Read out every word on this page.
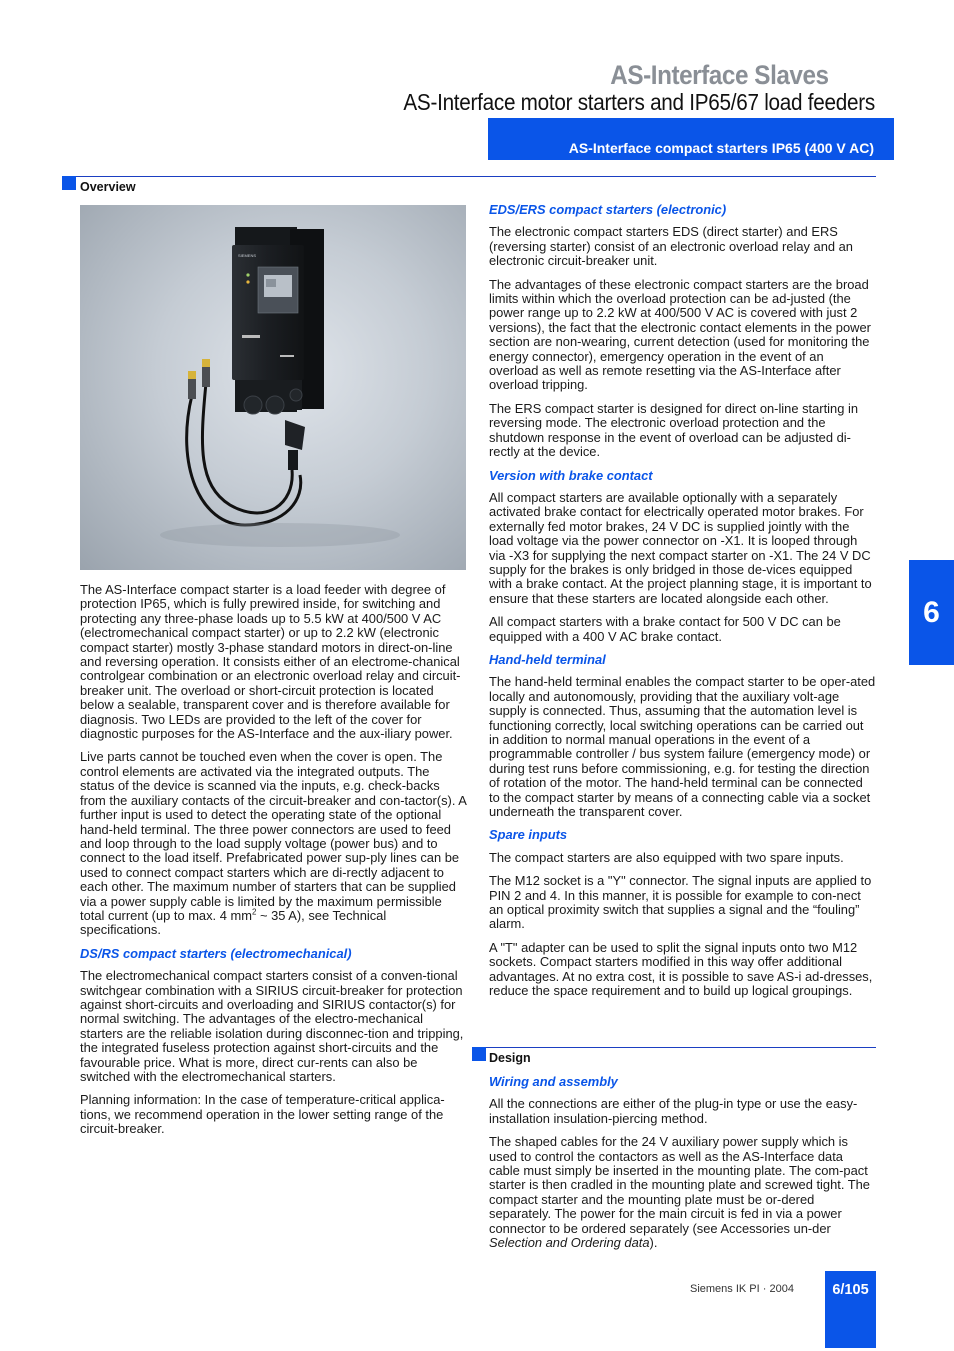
AS-Interface Slaves
AS-Interface motor starters and IP65/67 load feeders
AS-Interface compact starters IP65 (400 V AC)
Overview
SIEMENS

The AS-Interface compact starter is a load feeder with degree of protection IP65, which is fully prewired inside, for switching and protecting any three-phase loads up to 5.5 kW at 400/500 V AC (electromechanical compact starter) or up to 2.2 kW (electronic compact starter) mostly 3-phase standard motors in direct-on-line and reversing operation. It consists either of an electrome-chanical controlgear combination or an electronic overload relay and circuit-breaker unit. The overload or short-circuit protection is located below a sealable, transparent cover and is therefore available for diagnosis. Two LEDs are provided to the left of the cover for diagnostic purposes for the AS-Interface and the aux-iliary power.

Live parts cannot be touched even when the cover is open. The control elements are activated via the integrated outputs. The status of the device is scanned via the inputs, e.g. check-backs from the auxiliary contacts of the circuit-breaker and con-tactor(s). A further input is used to detect the operating state of the optional hand-held terminal. The three power connectors are used to feed and loop through to the load supply voltage (power bus) and to connect to the load itself. Prefabricated power sup-ply lines can be used to connect compact starters which are di-rectly adjacent to each other. The maximum number of starters that can be supplied via a power supply cable is limited by the maximum permissible total current (up to max. 4 $mm^2$ ~ 35 A), see Technical specifications.

DS/RS compact starters (electromechanical)

The electromechanical compact starters consist of a conven-tional switchgear combination with a SIRIUS circuit-breaker for protection against short-circuits and overloading and SIRIUS contactor(s) for normal switching. The advantages of the electro-mechanical starters are the reliable isolation during disconnec-tion and tripping, the integrated fuseless protection against short-circuits and the favourable price. What is more, direct cur-rents can also be switched with the electromechanical starters.

Planning information: In the case of temperature-critical applica-tions, we recommend operation in the lower setting range of the circuit-breaker.

EDS/ERS compact starters (electronic)

The electronic compact starters EDS (direct starter) and ERS (reversing starter) consist of an electronic overload relay and an electronic circuit-breaker unit.

The advantages of these electronic compact starters are the broad limits within which the overload protection can be ad-justed (the power range up to 2.2 kW at 400/500 V AC is covered with just 2 versions), the fact that the electronic contact elements in the power section are non-wearing, current detection (used for monitoring the energy connector), emergency operation in the event of an overload as well as remote resetting via the AS-Interface after overload tripping.

The ERS compact starter is designed for direct on-line starting in reversing mode. The electronic overload protection and the shutdown response in the event of overload can be adjusted di-rectly at the device.

Version with brake contact

All compact starters are available optionally with a separately activated brake contact for electrically operated motor brakes. For externally fed motor brakes, 24 V DC is supplied jointly with the load voltage via the power connector on -X1. It is looped through via -X3 for supplying the next compact starter on -X1. The 24 V DC supply for the brakes is only bridged in those de-vices equipped with a brake contact. At the project planning stage, it is important to ensure that these starters are located alongside each other.

All compact starters with a brake contact for 500 V DC can be equipped with a 400 V AC brake contact.

Hand-held terminal

The hand-held terminal enables the compact starter to be oper-ated locally and autonomously, providing that the auxiliary volt-age supply is connected. Thus, assuming that the automation level is functioning correctly, local switching operations can be carried out in addition to normal manual operations in the event of a programmable controller / bus system failure (emergency mode) or during test runs before commissioning, e.g. for testing the direction of rotation of the motor. The hand-held terminal can be connected to the compact starter by means of a connecting cable via a socket underneath the transparent cover.

Spare inputs

The compact starters are also equipped with two spare inputs.

The M12 socket is a "Y" connector. The signal inputs are applied to PIN 2 and 4. In this manner, it is possible for example to con-nect an optical proximity switch that supplies a signal and the “fouling” alarm.

A "T" adapter can be used to split the signal inputs onto two M12 sockets. Compact starters modified in this way offer additional advantages. At no extra cost, it is possible to save AS-i ad-dresses, reduce the space requirement and to build up logical groupings.

Design
Wiring and assembly

All the connections are either of the plug-in type or use the easy-installation insulation-piercing method.

The shaped cables for the 24 V auxiliary power supply which is used to control the contactors as well as the AS-Interface data cable must simply be inserted in the mounting plate. The com-pact starter is then cradled in the mounting plate and screwed tight. The compact starter and the mounting plate must be or-dered separately. The power for the main circuit is fed in via a power connector to be ordered separately (see Accessories un-der Selection and Ordering data).

6
Siemens IK PI · 2004	6/105
